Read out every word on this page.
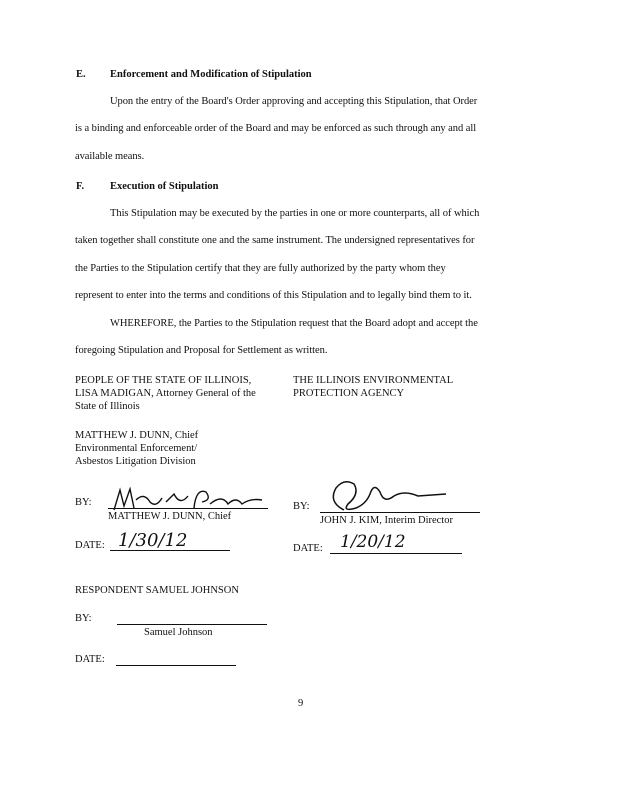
E. Enforcement and Modification of Stipulation
Upon the entry of the Board's Order approving and accepting this Stipulation, that Order
is a binding and enforceable order of the Board and may be enforced as such through any and all
available means.
F. Execution of Stipulation
This Stipulation may be executed by the parties in one or more counterparts, all of which
taken together shall constitute one and the same instrument. The undersigned representatives for
the Parties to the Stipulation certify that they are fully authorized by the party whom they
represent to enter into the terms and conditions of this Stipulation and to legally bind them to it.
WHEREFORE, the Parties to the Stipulation request that the Board adopt and accept the
foregoing Stipulation and Proposal for Settlement as written.
PEOPLE OF THE STATE OF ILLINOIS,
LISA MADIGAN, Attorney General of the
State of Illinois
THE ILLINOIS ENVIRONMENTAL
PROTECTION AGENCY
MATTHEW J. DUNN, Chief
Environmental Enforcement/
Asbestos Litigation Division
BY:
MATTHEW J. DUNN, Chief
DATE: 1/30/12
BY:
JOHN J. KIM, Interim Director
DATE: 1/20/12
RESPONDENT SAMUEL JOHNSON
BY:
Samuel Johnson
DATE:
9
